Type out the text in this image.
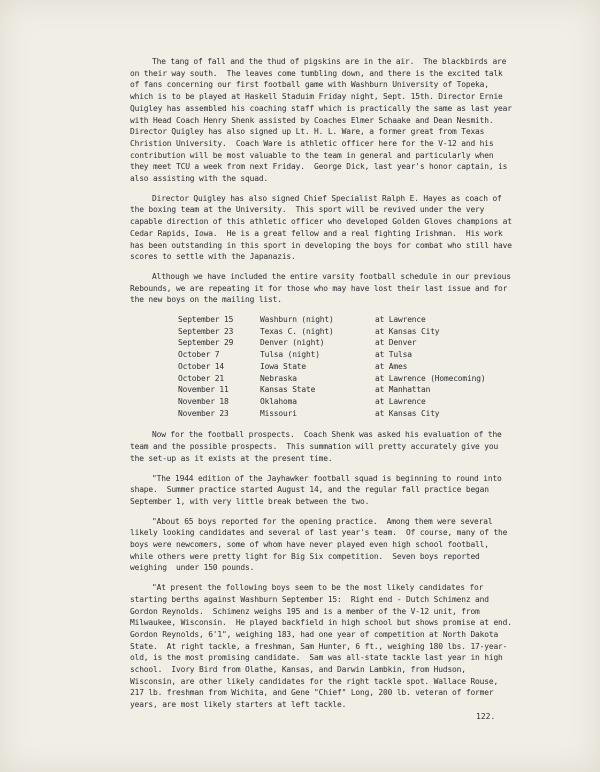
The tang of fall and the thud of pigskins are in the air.  The blackbirds are on their way south.  The leaves come tumbling down, and there is the excited talk of fans concerning our first football game with Washburn University of Topeka, which is to be played at Haskell Staduim Friday night, Sept. 15th. Director Ernie Quigley has assembled his coaching staff which is practically the same as last year with Head Coach Henry Shenk assisted by Coaches Elmer Schaake and Dean Nesmith.  Director Quigley has also signed up Lt. H. L. Ware, a former great from Texas Christion University.  Coach Ware is athletic officer here for the V-12 and his contribution will be most valuable to the team in general and particularly when they meet TCU a week from next Friday.  George Dick, last year's honor captain, is also assisting with the squad.

Director Quigley has also signed Chief Specialist Ralph E. Hayes as coach of the boxing team at the University.  This sport will be revived under the very capable direction of this athletic officer who developed Golden Gloves champions at Cedar Rapids, Iowa.  He is a great fellow and a real fighting Irishman.  His work has been outstanding in this sport in developing the boys for combat who still have scores to settle with the Japanazis.

Although we have included the entire varsity football schedule in our previous Rebounds, we are repeating it for those who may have lost their last issue and for the new boys on the mailing list.

September 15	Washburn (night)	at Lawrence
September 23	Texas C. (night)	at Kansas City
September 29	Denver (night)	at Denver
October 7	Tulsa (night)	at Tulsa
October 14	Iowa State	at Ames
October 21	Nebraska	at Lawrence (Homecoming)
November 11	Kansas State	at Manhattan
November 18	Oklahoma	at Lawrence
November 23	Missouri	at Kansas City

Now for the football prospects.  Coach Shenk was asked his evaluation of the team and the possible prospects.  This summation will pretty accurately give you the set-up as it exists at the present time.

"The 1944 edition of the Jayhawker football squad is beginning to round into shape.  Summer practice started August 14, and the regular fall practice began September 1, with very little break between the two.

"About 65 boys reported for the opening practice.  Among them were several likely looking candidates and several of last year's team.  Of course, many of the boys were newcomers, some of whom have never played even high school football, while others were pretty light for Big Six competition.  Seven boys reported weighing  under 150 pounds.

"At present the following boys seem to be the most likely candidates for starting berths against Washburn September 15:  Right end - Dutch Schimenz and Gordon Reynolds.  Schimenz weighs 195 and is a member of the V-12 unit, from Milwaukee, Wisconsin.  He played backfield in high school but shows promise at end.  Gordon Reynolds, 6'1", weighing 183, had one year of competition at North Dakota State.  At right tackle, a freshman, Sam Hunter, 6 ft., weighing 180 lbs. 17-year-old, is the most promising candidate.  Sam was all-state tackle last year in high school.  Ivory Bird from Olathe, Kansas, and Darwin Lambkin, from Hudson, Wisconsin, are other likely candidates for the right tackle spot. Wallace Rouse, 217 lb. freshman from Wichita, and Gene "Chief" Long, 200 lb. veteran of former years, are most likely starters at left tackle.

122.
